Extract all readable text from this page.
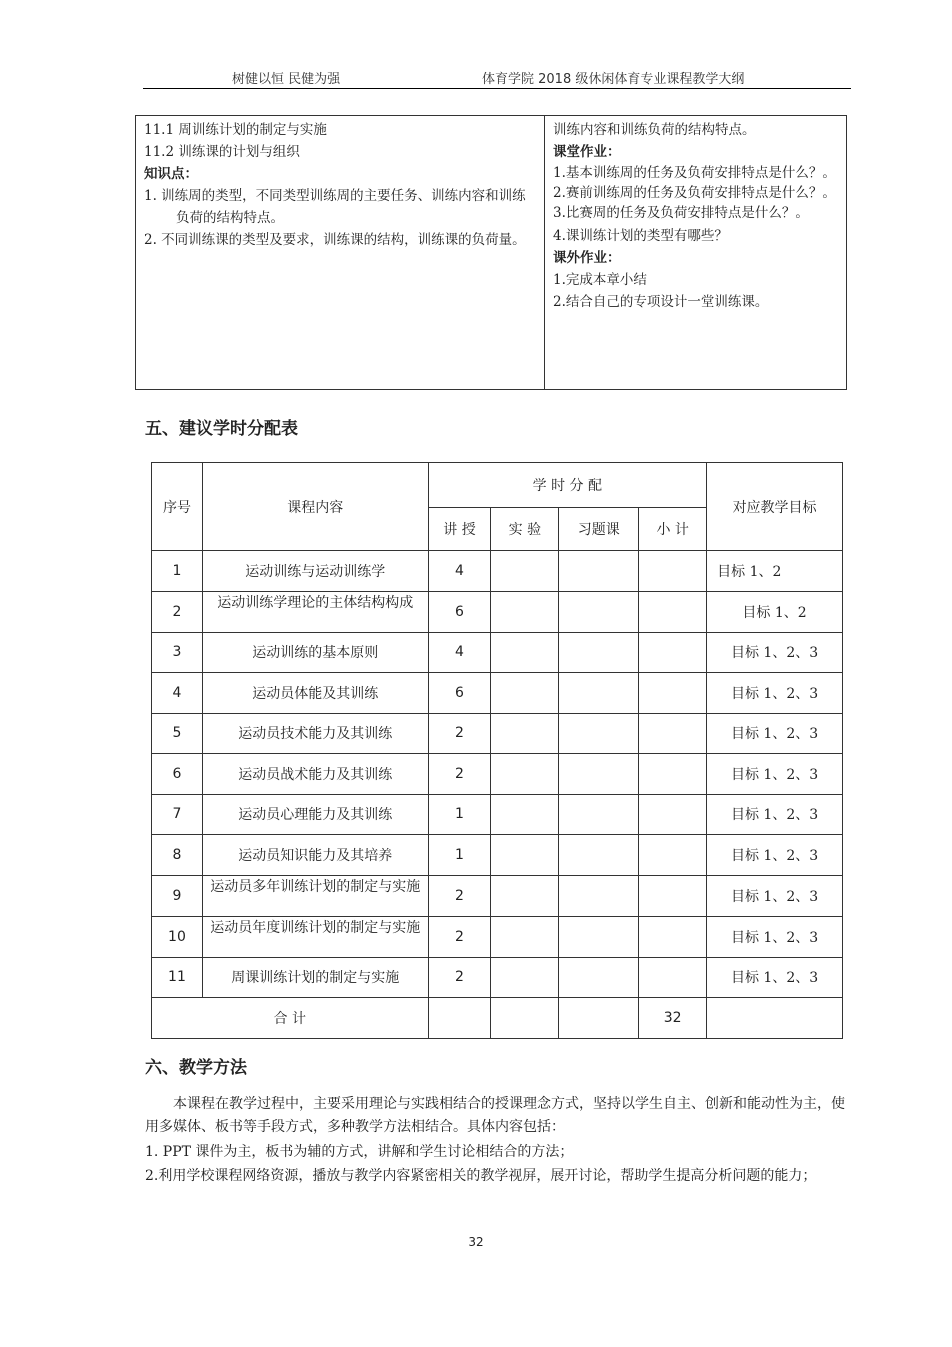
树健以恒 民健为强	体育学院 2018 级休闲体育专业课程教学大纲

11.1 周训练计划的制定与实施

11.2 训练课的计划与组织

知识点：

1. 训练周的类型，不同类型训练周的主要任务、训练内容和训练负荷的结构特点。

2. 不同训练课的类型及要求，训练课的结构，训练课的负荷量。

训练内容和训练负荷的结构特点。

课堂作业：

1.基本训练周的任务及负荷安排特点是什么？。

2.赛前训练周的任务及负荷安排特点是什么？。

3.比赛周的任务及负荷安排特点是什么？。

4.课训练计划的类型有哪些？

课外作业：

1.完成本章小结

2.结合自己的专项设计一堂训练课。

五、建议学时分配表
序号	课程内容	学 时 分 配				对应教学目标
		讲 授	实 验	习题课	小 计	
1	运动训练与运动训练学	4				目标 1、2
2	运动训练学理论的主体结构构成	6				目标 1、2
3	运动训练的基本原则	4				目标 1、2、3
4	运动员体能及其训练	6				目标 1、2、3
5	运动员技术能力及其训练	2				目标 1、2、3
6	运动员战术能力及其训练	2				目标 1、2、3
7	运动员心理能力及其训练	1				目标 1、2、3
8	运动员知识能力及其培养	1				目标 1、2、3
9	运动员多年训练计划的制定与实施	2				目标 1、2、3
10	运动员年度训练计划的制定与实施	2				目标 1、2、3
11	周课训练计划的制定与实施	2				目标 1、2、3
合 计					32	
六、教学方法
本课程在教学过程中，主要采用理论与实践相结合的授课理念方式，坚持以学生自主、创新和能动性为主，使用多媒体、板书等手段方式，多种教学方法相结合。具体内容包括：
1. PPT 课件为主，板书为辅的方式，讲解和学生讨论相结合的方法；
2.利用学校课程网络资源，播放与教学内容紧密相关的教学视屏，展开讨论，帮助学生提高分析问题的能力；
32
